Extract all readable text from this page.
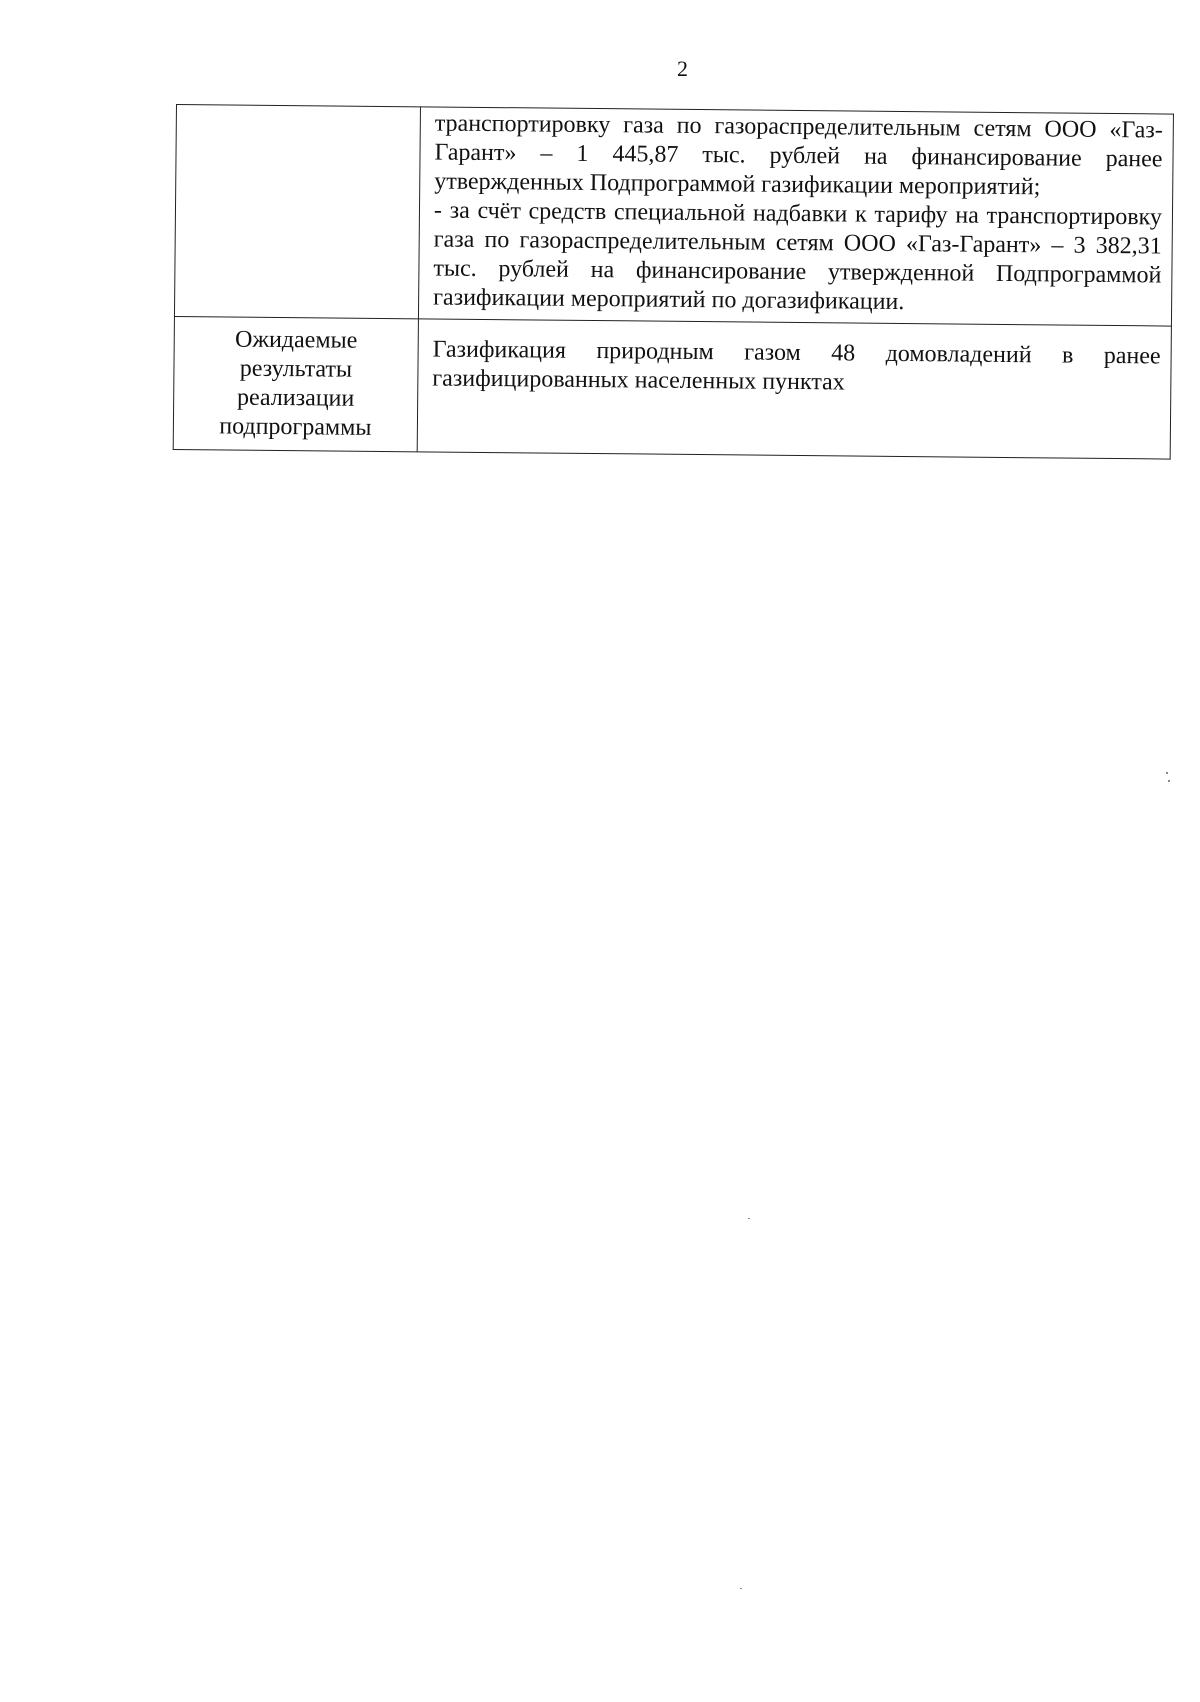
2

	транспортировку газа по газораспределительным сетям ООО «Газ-Гарант» – 1 445,87 тыс. рублей на финансирование ранее утвержденных Подпрограммой газификации мероприятий;
- за счёт средств специальной надбавки к тарифу на транспортировку газа по газораспределительным сетям ООО «Газ-Гарант» – 3 382,31 тыс. рублей на финансирование утвержденной Подпрограммой газификации мероприятий по догазификации.

Ожидаемые
результаты
реализации
подпрограммы	Газификация природным газом 48 домовладений в ранее газифицированных населенных пунктах
